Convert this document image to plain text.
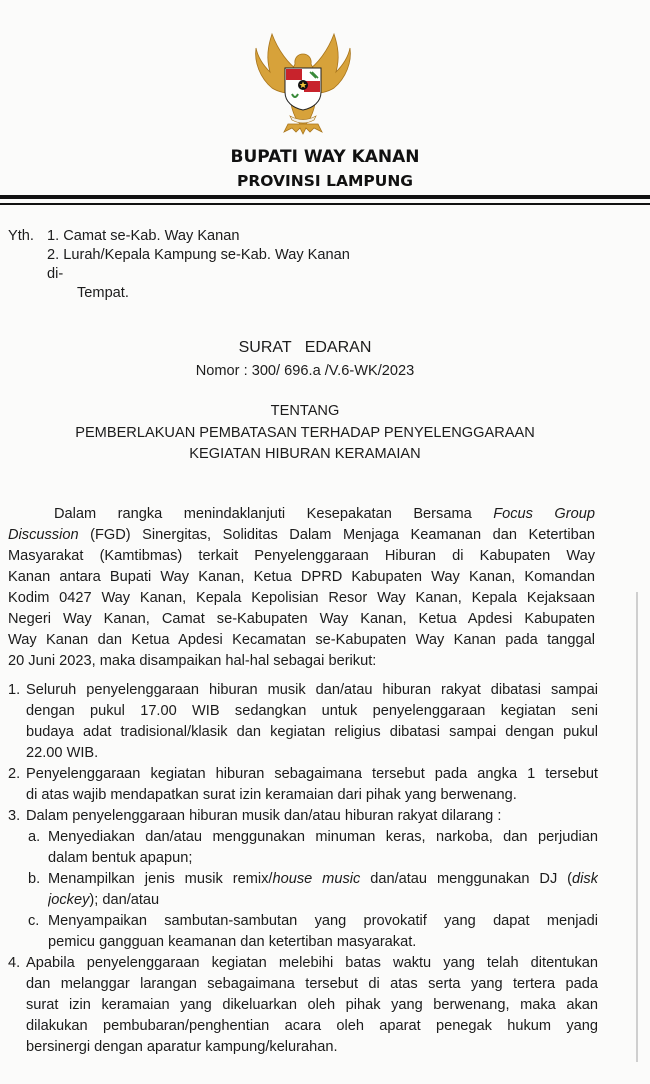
BUPATI WAY KANAN
PROVINSI LAMPUNG
Yth. 1. Camat se-Kab. Way Kanan
2. Lurah/Kepala Kampung se-Kab. Way Kanan
di-
Tempat.
SURAT   EDARAN
Nomor : 300/ 696.a /V.6-WK/2023
TENTANG
PEMBERLAKUAN PEMBATASAN TERHADAP PENYELENGGARAAN
KEGIATAN HIBURAN KERAMAIAN
Dalam rangka menindaklanjuti Kesepakatan Bersama Focus Group
Discussion (FGD) Sinergitas, Soliditas Dalam Menjaga Keamanan dan Ketertiban
Masyarakat (Kamtibmas) terkait Penyelenggaraan Hiburan di Kabupaten Way
Kanan antara Bupati Way Kanan, Ketua DPRD Kabupaten Way Kanan, Komandan
Kodim 0427 Way Kanan, Kepala Kepolisian Resor Way Kanan, Kepala Kejaksaan
Negeri Way Kanan, Camat se-Kabupaten Way Kanan, Ketua Apdesi Kabupaten
Way Kanan dan Ketua Apdesi Kecamatan se-Kabupaten Way Kanan pada tanggal
20 Juni 2023, maka disampaikan hal-hal sebagai berikut:
1. Seluruh penyelenggaraan hiburan musik dan/atau hiburan rakyat dibatasi sampai
dengan pukul 17.00 WIB sedangkan untuk penyelenggaraan kegiatan seni
budaya adat tradisional/klasik dan kegiatan religius dibatasi sampai dengan pukul
22.00 WIB.
2. Penyelenggaraan kegiatan hiburan sebagaimana tersebut pada angka 1 tersebut
di atas wajib mendapatkan surat izin keramaian dari pihak yang berwenang.
3. Dalam penyelenggaraan hiburan musik dan/atau hiburan rakyat dilarang :
a. Menyediakan dan/atau menggunakan minuman keras, narkoba, dan perjudian
dalam bentuk apapun;
b. Menampilkan jenis musik remix/house music dan/atau menggunakan DJ (disk
jockey); dan/atau
c. Menyampaikan sambutan-sambutan yang provokatif yang dapat menjadi
pemicu gangguan keamanan dan ketertiban masyarakat.
4. Apabila penyelenggaraan kegiatan melebihi batas waktu yang telah ditentukan
dan melanggar larangan sebagaimana tersebut di atas serta yang tertera pada
surat izin keramaian yang dikeluarkan oleh pihak yang berwenang, maka akan
dilakukan pembubaran/penghentian acara oleh aparat penegak hukum yang
bersinergi dengan aparatur kampung/kelurahan.
